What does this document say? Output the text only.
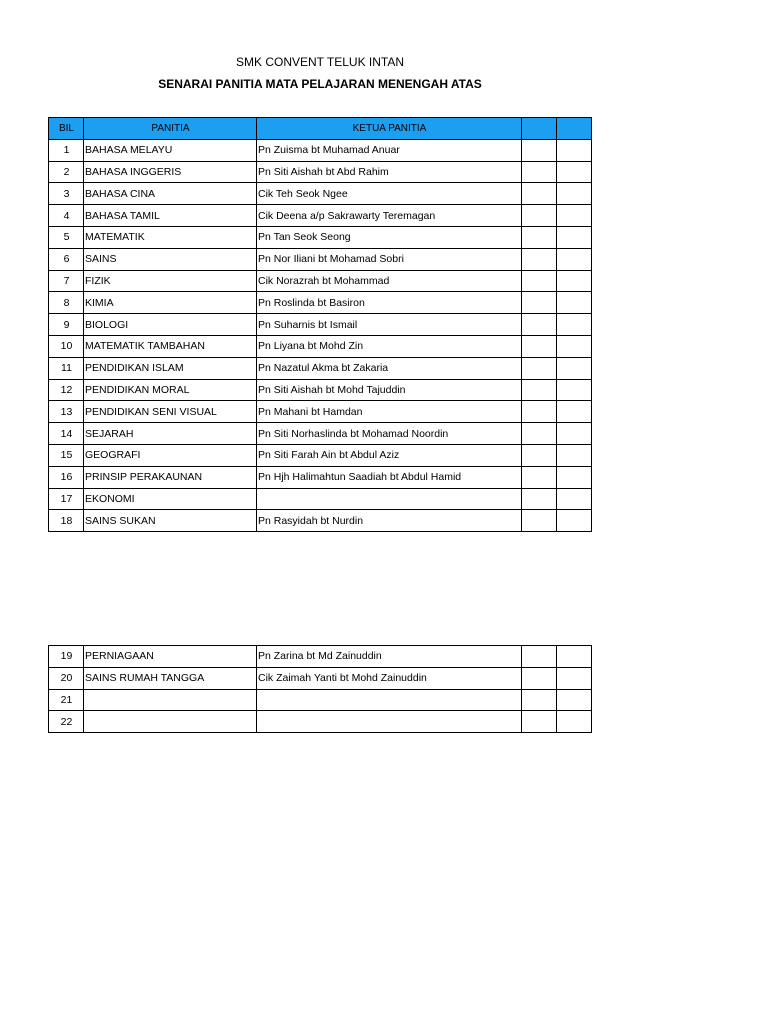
SMK CONVENT TELUK INTAN
SENARAI PANITIA MATA PELAJARAN MENENGAH ATAS
BIL	PANITIA	KETUA PANITIA		
1	BAHASA MELAYU	Pn Zuisma bt Muhamad Anuar		
2	BAHASA INGGERIS	Pn Siti Aishah bt Abd Rahim		
3	BAHASA CINA	Cik Teh Seok Ngee		
4	BAHASA TAMIL	Cik Deena a/p Sakrawarty Teremagan		
5	MATEMATIK	Pn Tan Seok Seong		
6	SAINS	Pn Nor Iliani bt Mohamad Sobri		
7	FIZIK	Cik Norazrah bt Mohammad		
8	KIMIA	Pn Roslinda bt Basiron		
9	BIOLOGI	Pn Suharnis bt Ismail		
10	MATEMATIK TAMBAHAN	Pn Liyana bt Mohd Zin		
11	PENDIDIKAN ISLAM	Pn Nazatul Akma bt Zakaria		
12	PENDIDIKAN MORAL	Pn Siti Aishah bt Mohd Tajuddin		
13	PENDIDIKAN SENI VISUAL	Pn Mahani bt Hamdan		
14	SEJARAH	Pn Siti Norhaslinda bt Mohamad Noordin		
15	GEOGRAFI	Pn Siti Farah Ain bt Abdul Aziz		
16	PRINSIP PERAKAUNAN	Pn Hjh Halimahtun Saadiah bt Abdul Hamid		
17	EKONOMI			
18	SAINS SUKAN	Pn Rasyidah bt Nurdin		
19	PERNIAGAAN	Pn Zarina bt Md Zainuddin		
20	SAINS RUMAH TANGGA	Cik Zaimah Yanti bt Mohd Zainuddin		
21				
22				
